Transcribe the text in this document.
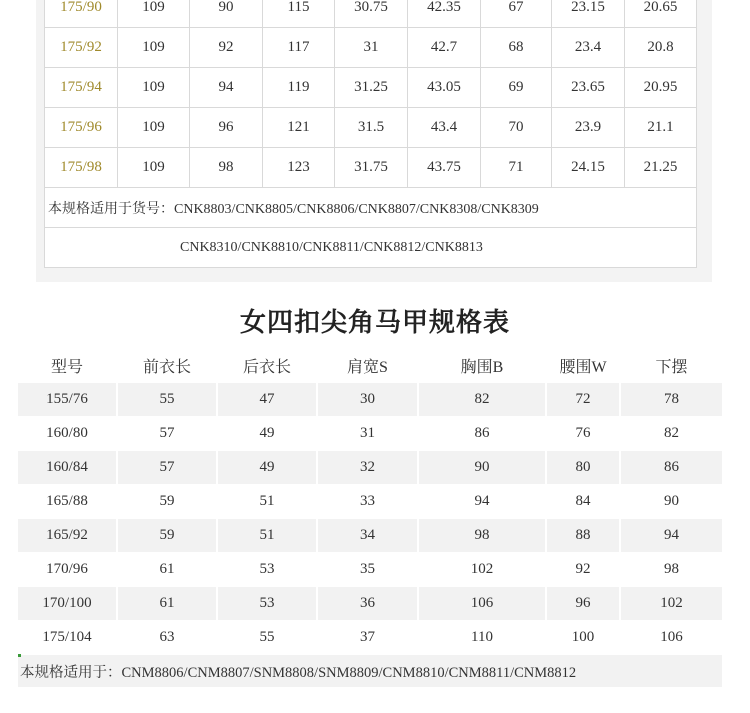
175/90	109	90	115	30.75	42.35	67	23.15	20.65
175/92	109	92	117	31	42.7	68	23.4	20.8
175/94	109	94	119	31.25	43.05	69	23.65	20.95
175/96	109	96	121	31.5	43.4	70	23.9	21.1
175/98	109	98	123	31.75	43.75	71	24.15	21.25
本规格适用于货号：CNK8803/CNK8805/CNK8806/CNK8807/CNK8308/CNK8309								
CNK8310/CNK8810/CNK8811/CNK8812/CNK8813								
女四扣尖角马甲规格表
型号	前衣长	后衣长	肩宽S	胸围B	腰围W	下摆
155/76	55	47	30	82	72	78
160/80	57	49	31	86	76	82
160/84	57	49	32	90	80	86
165/88	59	51	33	94	84	90
165/92	59	51	34	98	88	94
170/96	61	53	35	102	92	98
170/100	61	53	36	106	96	102
175/104	63	55	37	110	100	106
本规格适用于：CNM8806/CNM8807/SNM8808/SNM8809/CNM8810/CNM8811/CNM8812
